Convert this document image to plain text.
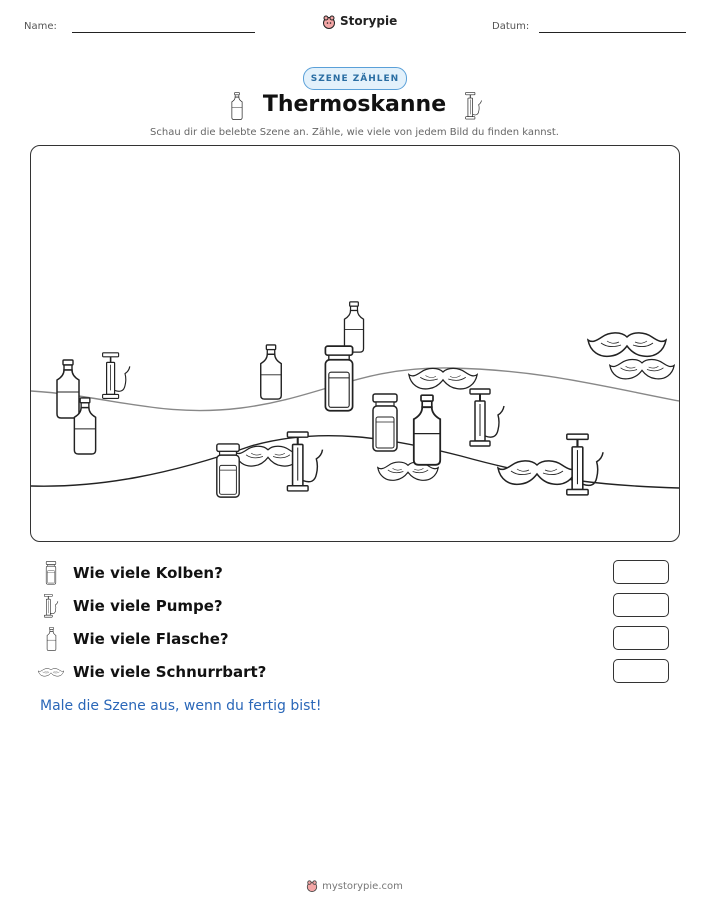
Name:	Storypie	Datum:
SZENE ZÄHLEN
Thermoskanne
Schau dir die belebte Szene an. Zähle, wie viele von jedem Bild du finden kannst.
Wie viele Kolben?
Wie viele Pumpe?
Wie viele Flasche?
Wie viele Schnurrbart?
Male die Szene aus, wenn du fertig bist!
mystorypie.com
